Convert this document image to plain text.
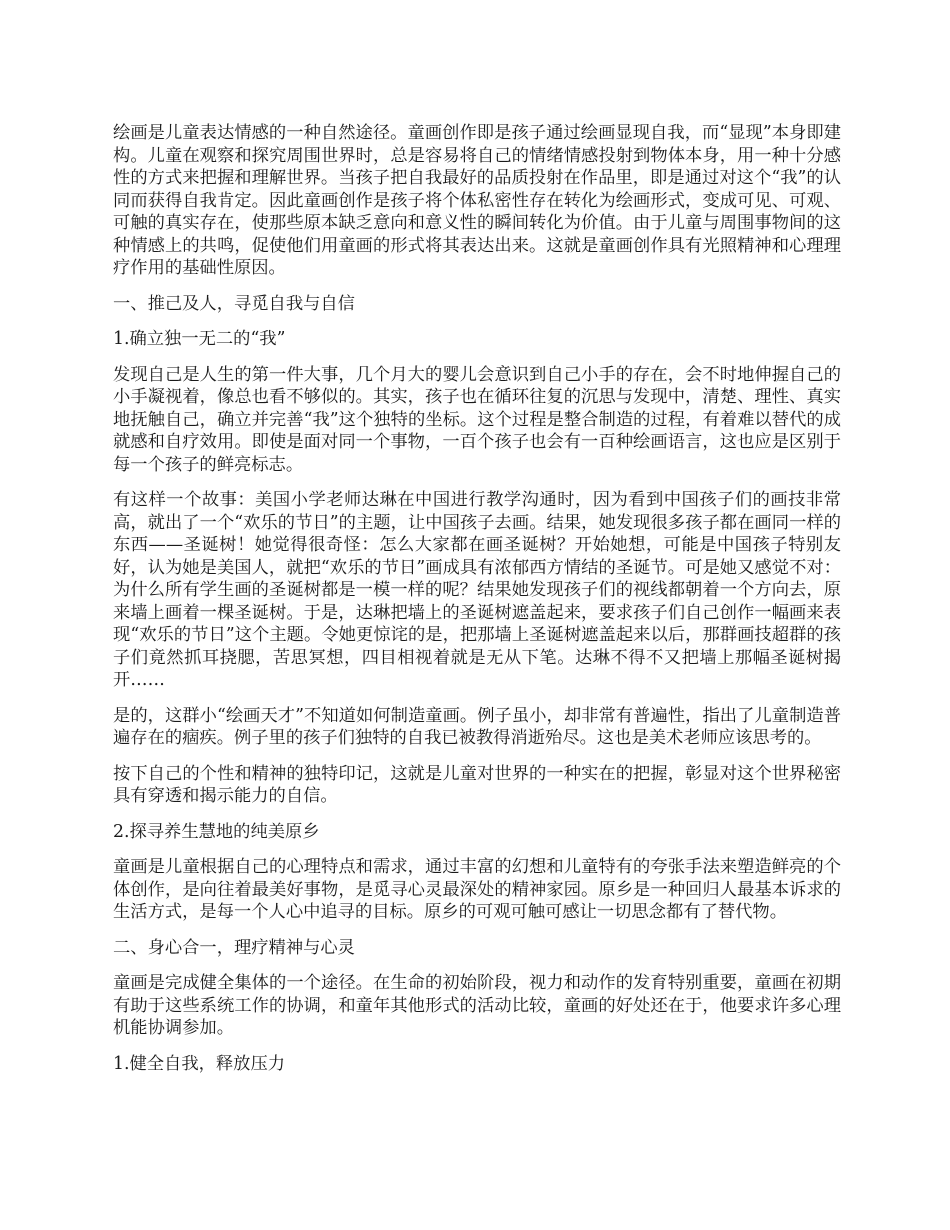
绘画是儿童表达情感的一种自然途径。童画创作即是孩子通过绘画显现自我，而“显现”本身即建构。儿童在观察和探究周围世界时，总是容易将自己的情绪情感投射到物体本身，用一种十分感性的方式来把握和理解世界。当孩子把自我最好的品质投射在作品里，即是通过对这个“我”的认同而获得自我肯定。因此童画创作是孩子将个体私密性存在转化为绘画形式，变成可见、可观、可触的真实存在，使那些原本缺乏意向和意义性的瞬间转化为价值。由于儿童与周围事物间的这种情感上的共鸣，促使他们用童画的形式将其表达出来。这就是童画创作具有光照精神和心理理疗作用的基础性原因。

一、推己及人，寻觅自我与自信

1.确立独一无二的“我”

发现自己是人生的第一件大事，几个月大的婴儿会意识到自己小手的存在，会不时地伸握自己的小手凝视着，像总也看不够似的。其实，孩子也在循环往复的沉思与发现中，清楚、理性、真实地抚触自己，确立并完善“我”这个独特的坐标。这个过程是整合制造的过程，有着难以替代的成就感和自疗效用。即使是面对同一个事物，一百个孩子也会有一百种绘画语言，这也应是区别于每一个孩子的鲜亮标志。

有这样一个故事：美国小学老师达琳在中国进行教学沟通时，因为看到中国孩子们的画技非常高，就出了一个“欢乐的节日”的主题，让中国孩子去画。结果，她发现很多孩子都在画同一样的东西——圣诞树！她觉得很奇怪：怎么大家都在画圣诞树？开始她想，可能是中国孩子特别友好，认为她是美国人，就把“欢乐的节日”画成具有浓郁西方情结的圣诞节。可是她又感觉不对：为什么所有学生画的圣诞树都是一模一样的呢？结果她发现孩子们的视线都朝着一个方向去，原来墙上画着一棵圣诞树。于是，达琳把墙上的圣诞树遮盖起来，要求孩子们自己创作一幅画来表现“欢乐的节日”这个主题。令她更惊诧的是，把那墙上圣诞树遮盖起来以后，那群画技超群的孩子们竟然抓耳挠腮，苦思冥想，四目相视着就是无从下笔。达琳不得不又把墙上那幅圣诞树揭开……

是的，这群小“绘画天才”不知道如何制造童画。例子虽小，却非常有普遍性，指出了儿童制造普遍存在的痼疾。例子里的孩子们独特的自我已被教得消逝殆尽。这也是美术老师应该思考的。

按下自己的个性和精神的独特印记，这就是儿童对世界的一种实在的把握，彰显对这个世界秘密具有穿透和揭示能力的自信。

2.探寻养生慧地的纯美原乡

童画是儿童根据自己的心理特点和需求，通过丰富的幻想和儿童特有的夸张手法来塑造鲜亮的个体创作，是向往着最美好事物，是觅寻心灵最深处的精神家园。原乡是一种回归人最基本诉求的生活方式，是每一个人心中追寻的目标。原乡的可观可触可感让一切思念都有了替代物。

二、身心合一，理疗精神与心灵

童画是完成健全集体的一个途径。在生命的初始阶段，视力和动作的发育特别重要，童画在初期有助于这些系统工作的协调，和童年其他形式的活动比较，童画的好处还在于，他要求许多心理机能协调参加。

1.健全自我，释放压力
